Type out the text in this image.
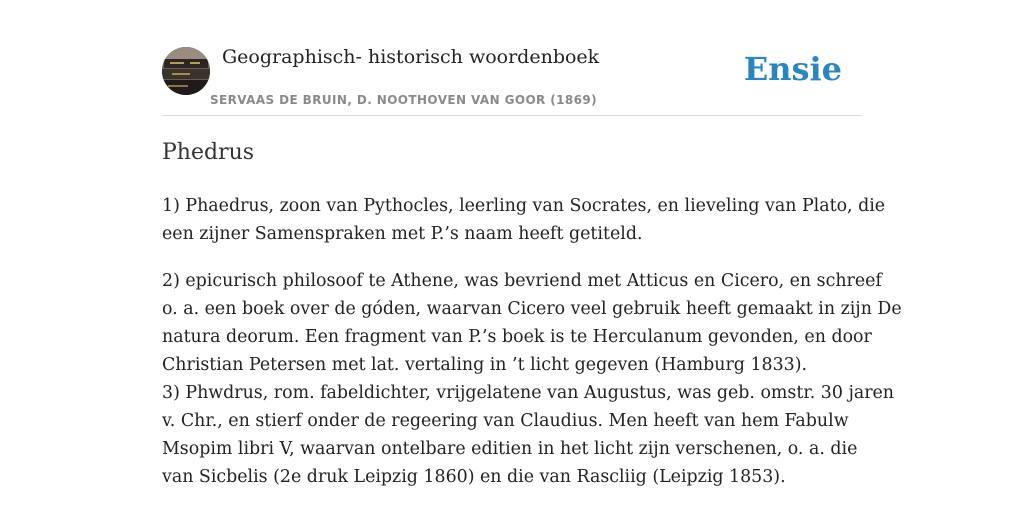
Geographisch- historisch woordenboek
SERVAAS DE BRUIN, D. NOOTHOVEN VAN GOOR (1869)
Ensie
Phedrus

1) Phaedrus, zoon van Pythocles, leerling van Socrates, en lieveling van Plato, die

een zijner Samenspraken met P.’s naam heeft getiteld.

2) epicurisch philosoof te Athene, was bevriend met Atticus en Cicero, en schreef

o. a. een boek over de góden, waarvan Cicero veel gebruik heeft gemaakt in zijn De

natura deorum. Een fragment van P.’s boek is te Herculanum gevonden, en door

Christian Petersen met lat. vertaling in ’t licht gegeven (Hamburg 1833).

3) Phwdrus, rom. fabeldichter, vrijgelatene van Augustus, was geb. omstr. 30 jaren

v. Chr., en stierf onder de regeering van Claudius. Men heeft van hem Fabulw

Msopim libri V, waarvan ontelbare editien in het licht zijn verschenen, o. a. die

van Sicbelis (2e druk Leipzig 1860) en die van Rascliig (Leipzig 1853).
